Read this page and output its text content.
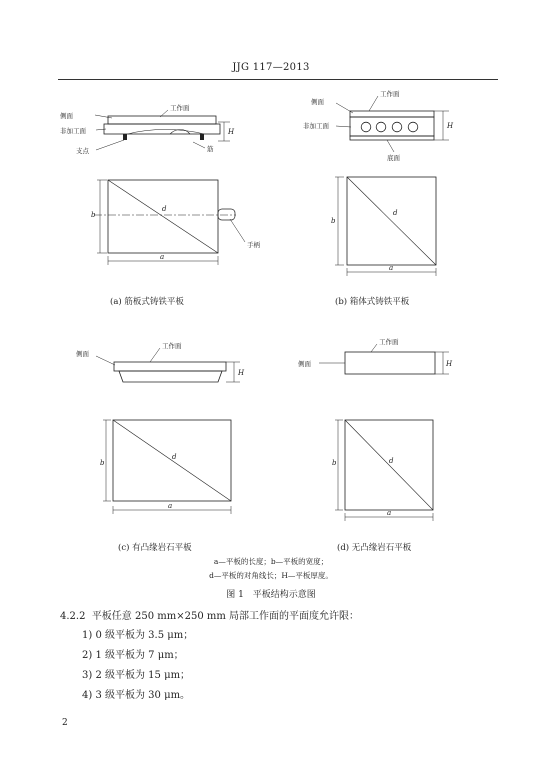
JJG 117—2013
侧面
工作面
非加工面
支点	筋
手柄
H
b
d
a
(a) 筋板式铸铁平板
侧面
工作面
非加工面
底面
H
b
d
a
(b) 箱体式铸铁平板
侧面
工作面
H
b
d
a
(c) 有凸缘岩石平板
侧面
工作面
H
b	d
a
(d) 无凸缘岩石平板
a—平板的长度；b—平板的宽度；
d—平板的对角线长；H—平板厚度。
图 1　平板结构示意图
4.2.2 平板任意 250 mm×250 mm 局部工作面的平面度允许限：
1) 0 级平板为 3.5 μm；
2) 1 级平板为 7 μm；
3) 2 级平板为 15 μm；
4) 3 级平板为 30 μm。
2
